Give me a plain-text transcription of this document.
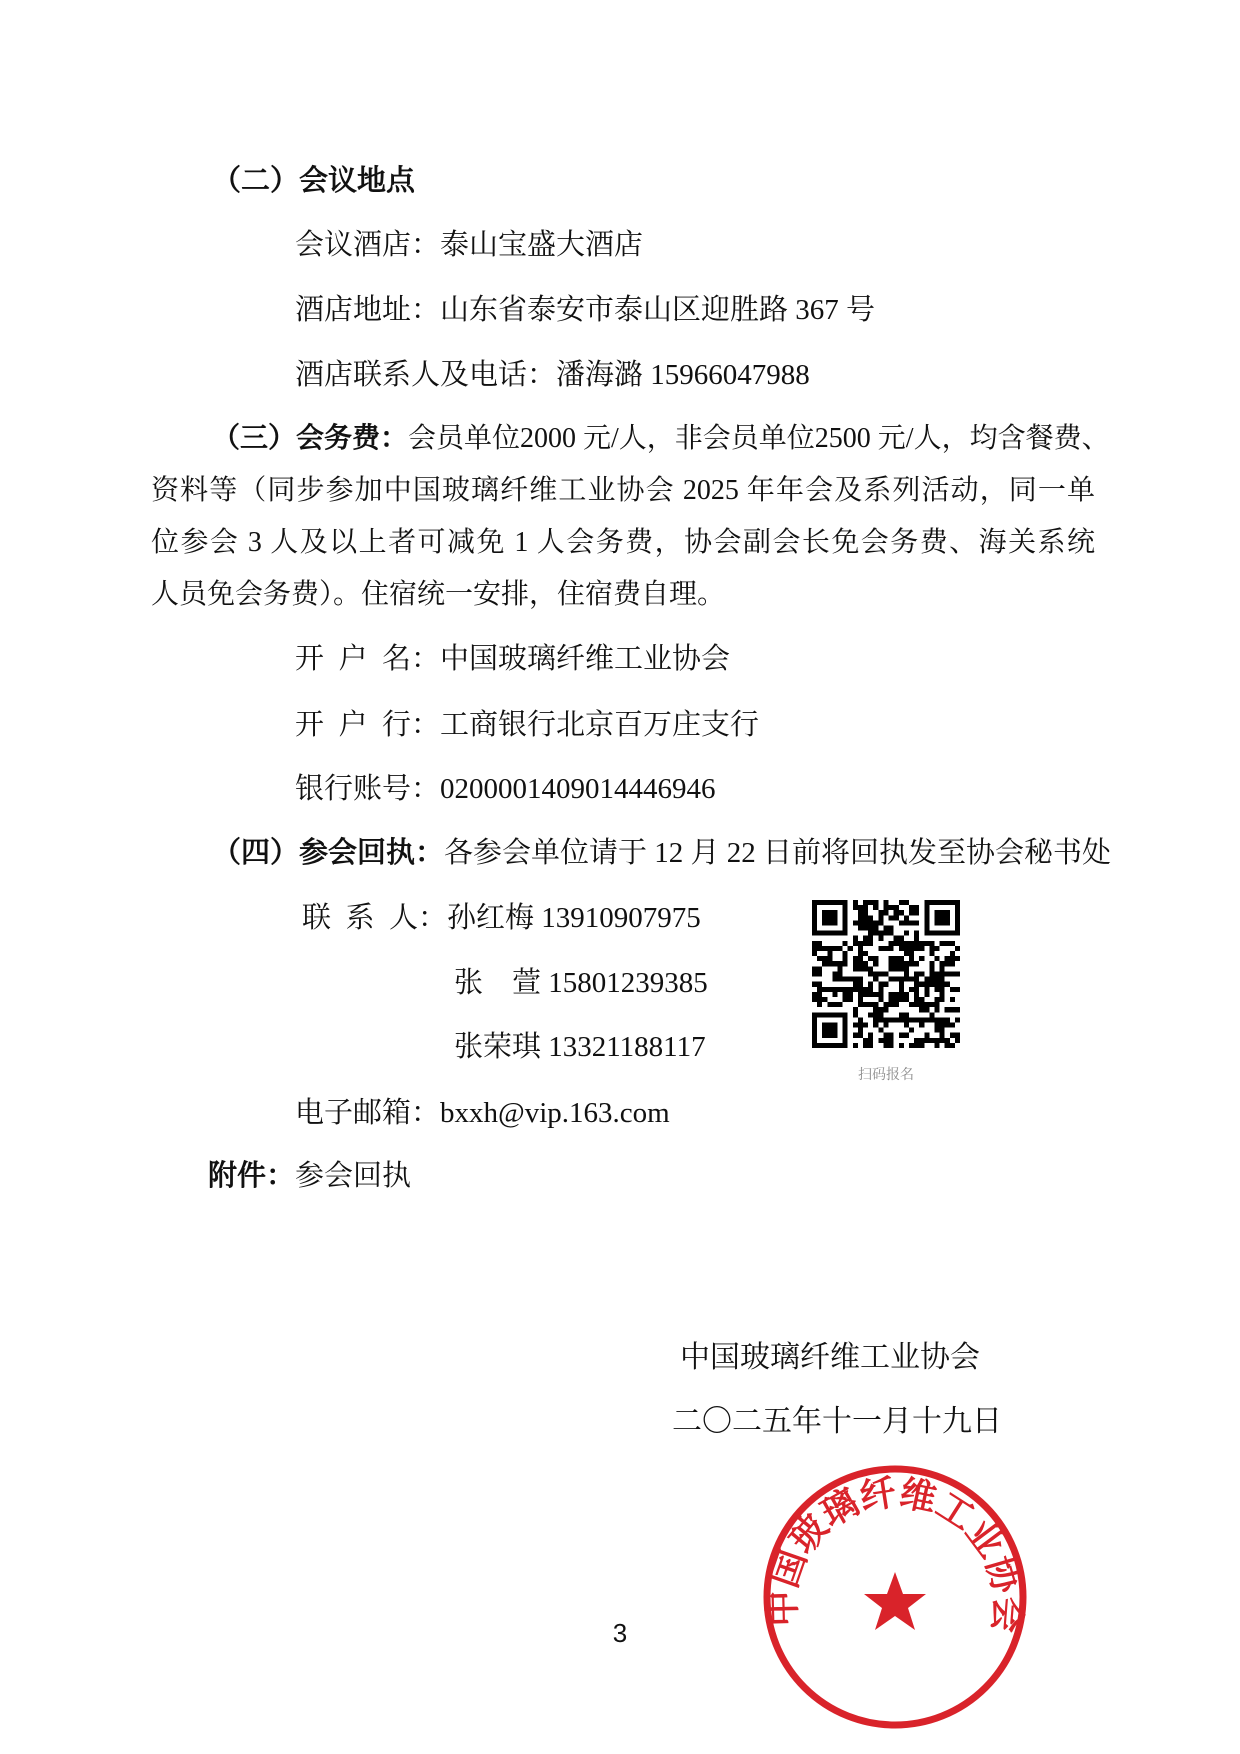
（二）会议地点
会议酒店：泰山宝盛大酒店
酒店地址：山东省泰安市泰山区迎胜路 367 号
酒店联系人及电话：潘海潞 15966047988
（三）会务费：会员单位2000 元/人，非会员单位2500 元/人，均含餐费、
资料等（同步参加中国玻璃纤维工业协会 2025 年年会及系列活动，同一单
位参会 3 人及以上者可减免 1 人会务费，协会副会长免会务费、海关系统
人员免会务费）。住宿统一安排，住宿费自理。
开  户  名：中国玻璃纤维工业协会
开  户  行：工商银行北京百万庄支行
银行账号：0200001409014446946
（四）参会回执：各参会单位请于 12 月 22 日前将回执发至协会秘书处
联  系  人：孙红梅 13910907975
张    萱 15801239385
张荣琪 13321188117
电子邮箱：bxxh@vip.163.com
扫码报名
附件：参会回执
中国玻璃纤维工业协会
二〇二五年十一月十九日
中国玻璃纤维工业协会
3
